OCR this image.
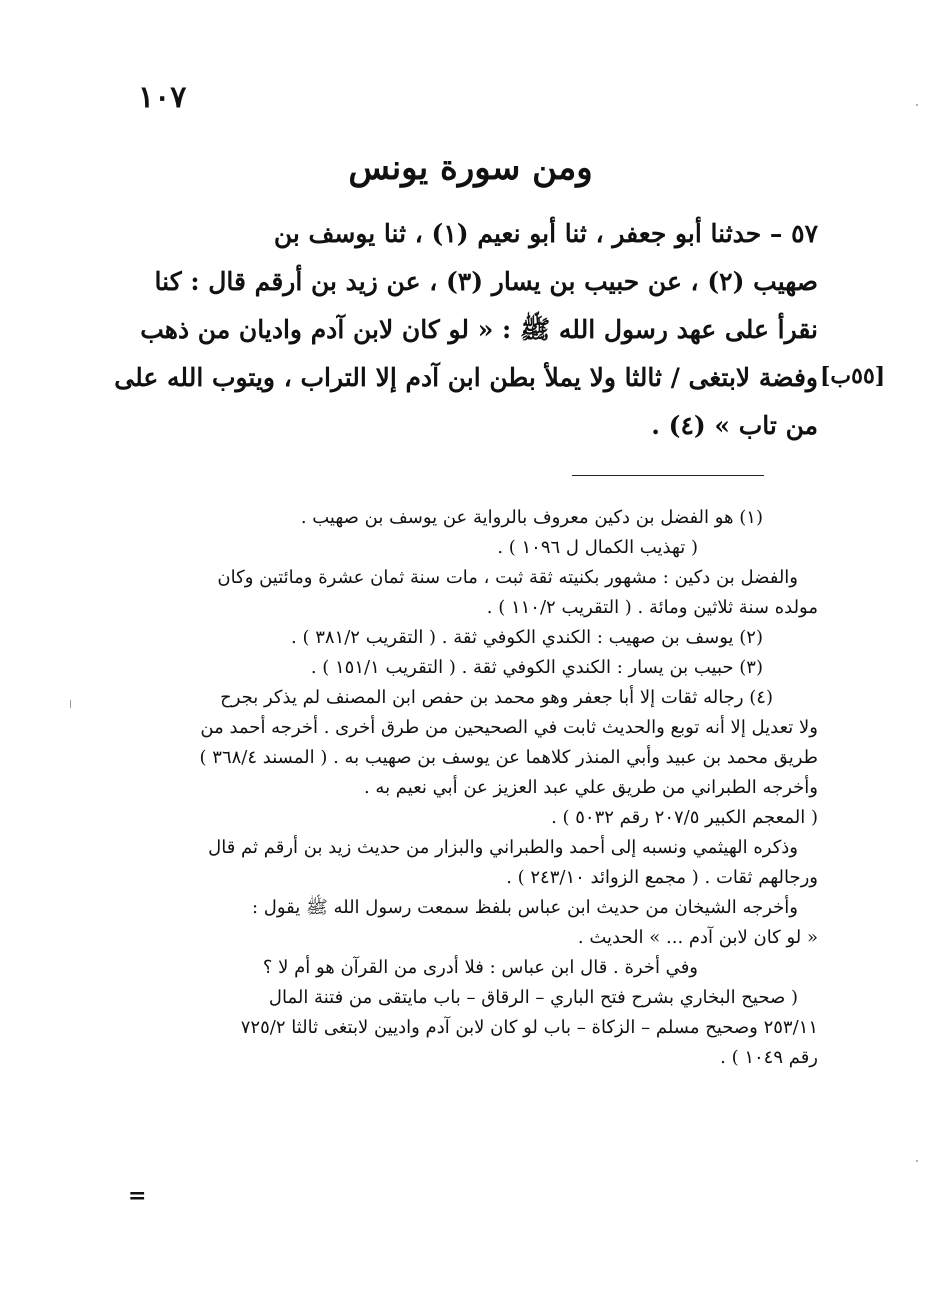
١٠٧
ومن سورة يونس
٥٧ – حدثنا أبو جعفر ، ثنا أبو نعيم (١) ، ثنا يوسف بن
صهيب (٢) ، عن حبيب بن يسار (٣) ، عن زيد بن أرقم قال : كنا
نقرأ على عهد رسول الله ﷺ : « لو كان لابن آدم واديان من ذهب
وفضة لابتغى / ثالثا ولا يملأ بطن ابن آدم إلا التراب ، ويتوب الله على
من تاب » (٤) .
[٥٥ب]
(١) هو الفضل بن دكين معروف بالرواية عن يوسف بن صهيب .
( تهذيب الكمال ل ١٠٩٦ ) .
والفضل بن دكين : مشهور بكنيته ثقة ثبت ، مات سنة ثمان عشرة ومائتين وكان
مولده سنة ثلاثين ومائة . ( التقريب ١١٠/٢ ) .
(٢) يوسف بن صهيب : الكندي الكوفي ثقة . ( التقريب ٣٨١/٢ ) .
(٣) حبيب بن يسار : الكندي الكوفي ثقة . ( التقريب ١٥١/١ ) .
(٤) رجاله ثقات إلا أبا جعفر وهو محمد بن حفص ابن المصنف لم يذكر بجرح
ولا تعديل إلا أنه توبع والحديث ثابت في الصحيحين من طرق أخرى . أخرجه أحمد من
طريق محمد بن عبيد وأبي المنذر كلاهما عن يوسف بن صهيب به . ( المسند ٣٦٨/٤ )
وأخرجه الطبراني من طريق علي عبد العزيز عن أبي نعيم به .
( المعجم الكبير ٢٠٧/٥ رقم ٥٠٣٢ ) .
وذكره الهيثمي ونسبه إلى أحمد والطبراني والبزار من حديث زيد بن أرقم ثم قال
ورجالهم ثقات . ( مجمع الزوائد ٢٤٣/١٠ ) .
وأخرجه الشيخان من حديث ابن عباس بلفظ سمعت رسول الله ﷺ يقول :
« لو كان لابن آدم ... » الحديث .
وفي أخرة . قال ابن عباس : فلا أدرى من القرآن هو أم لا ؟
( صحيح البخاري بشرح فتح الباري – الرقاق – باب مايتقى من فتنة المال
٢٥٣/١١ وصحيح مسلم – الزكاة – باب لو كان لابن آدم واديين لابتغى ثالثا ٧٢٥/٢
رقم ١٠٤٩ ) .
=
